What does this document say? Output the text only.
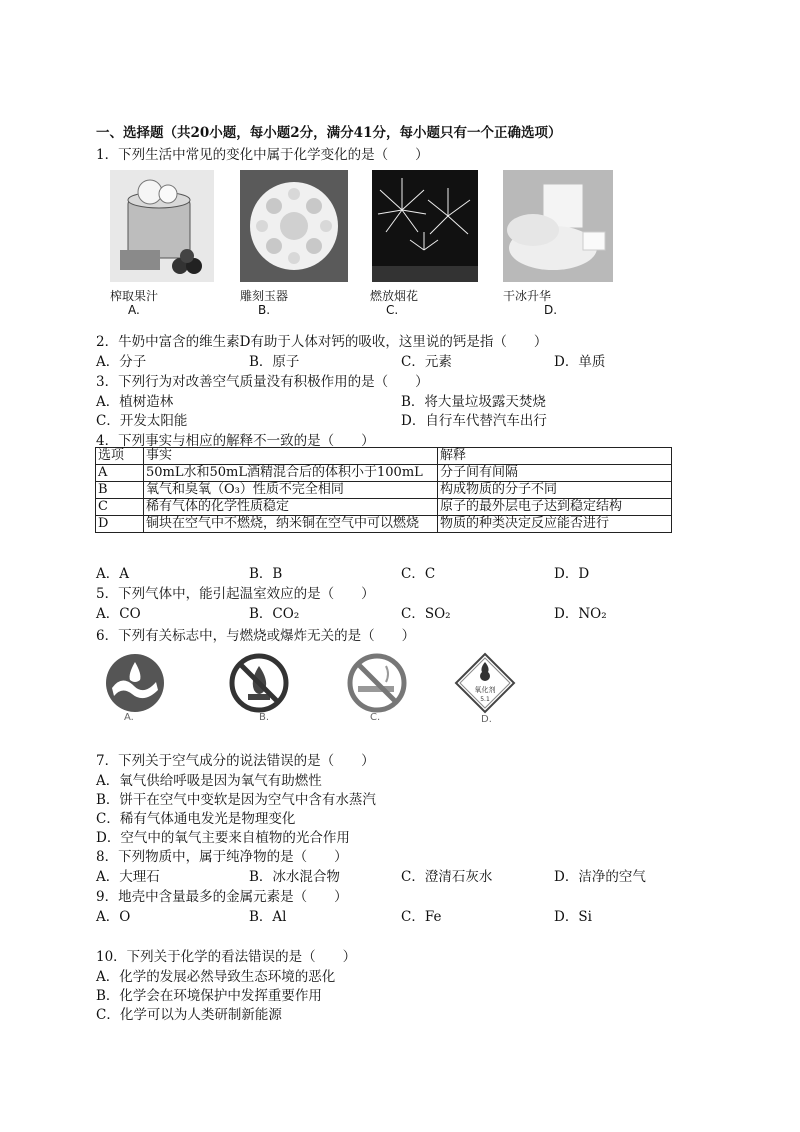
一、选择题（共20小题，每小题2分，满分41分，每小题只有一个正确选项）
1．下列生活中常见的变化中属于化学变化的是（　　）
榨取果汁	雕刻玉器	燃放烟花	干冰升华
A.	B.	C.	D.
2．牛奶中富含的维生素D有助于人体对钙的吸收，这里说的钙是指（　　）
A．分子	B．原子	C．元素	D．单质
3．下列行为对改善空气质量没有积极作用的是（　　）
A．植树造林	B．将大量垃圾露天焚烧
C．开发太阳能	D．自行车代替汽车出行
4．下列事实与相应的解释不一致的是（　　）
选项	事实	解释
A	50mL水和50mL酒精混合后的体积小于100mL	分子间有间隔
B	氧气和臭氧（O₃）性质不完全相同	构成物质的分子不同
C	稀有气体的化学性质稳定	原子的最外层电子达到稳定结构
D	铜块在空气中不燃烧，纳米铜在空气中可以燃烧	物质的种类决定反应能否进行
A．A	B．B	C．C	D．D
5．下列气体中，能引起温室效应的是（　　）
A．CO	B．CO₂	C．SO₂	D．NO₂
6．下列有关标志中，与燃烧或爆炸无关的是（　　）
氧化剂
5.1
A.	B.	C.	D.
7．下列关于空气成分的说法错误的是（　　）
A．氧气供给呼吸是因为氧气有助燃性
B．饼干在空气中变软是因为空气中含有水蒸汽
C．稀有气体通电发光是物理变化
D．空气中的氧气主要来自植物的光合作用
8．下列物质中，属于纯净物的是（　　）
A．大理石	B．冰水混合物	C．澄清石灰水	D．洁净的空气
9．地壳中含量最多的金属元素是（　　）
A．O	B．Al	C．Fe	D．Si
10．下列关于化学的看法错误的是（　　）
A．化学的发展必然导致生态环境的恶化
B．化学会在环境保护中发挥重要作用
C．化学可以为人类研制新能源
